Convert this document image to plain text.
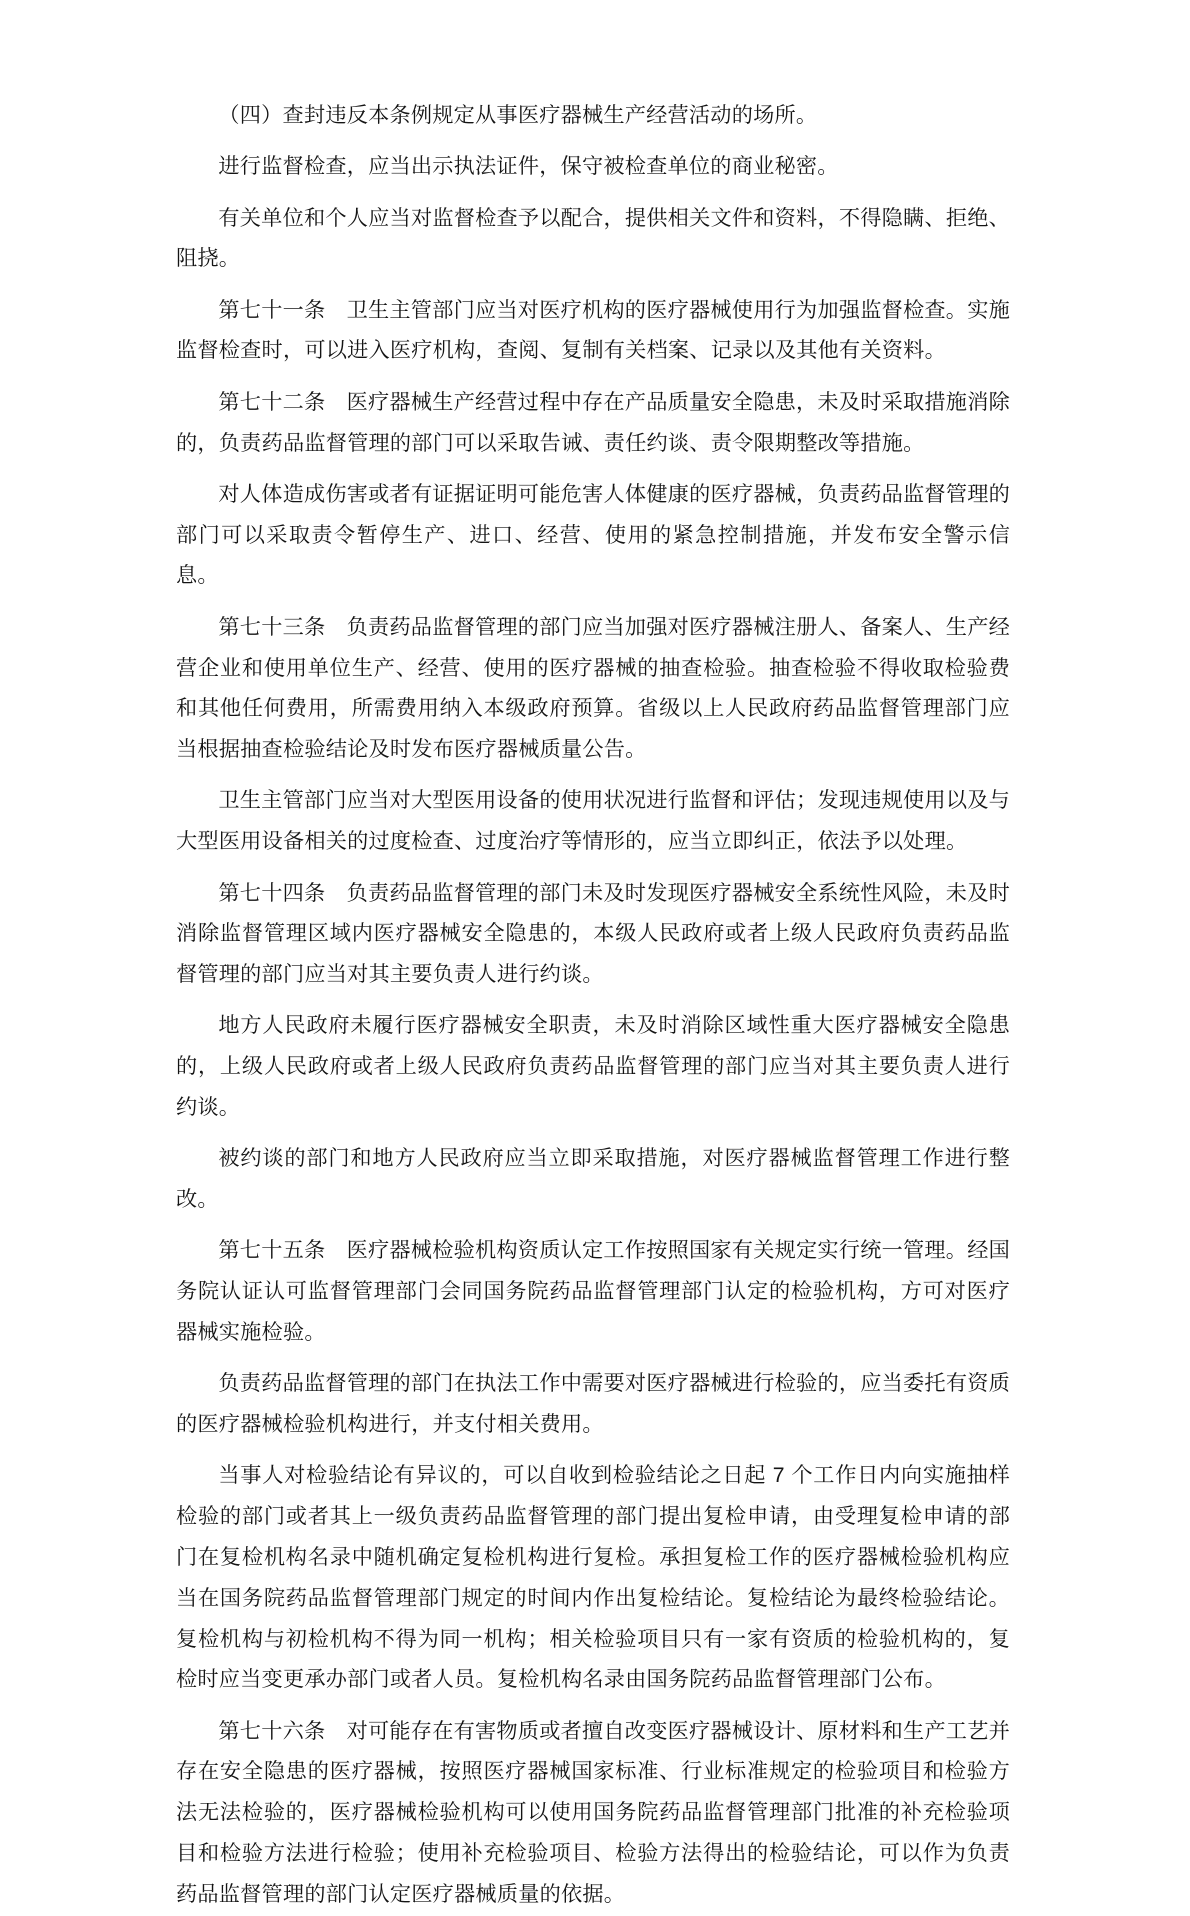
（四）查封违反本条例规定从事医疗器械生产经营活动的场所。

进行监督检查，应当出示执法证件，保守被检查单位的商业秘密。

有关单位和个人应当对监督检查予以配合，提供相关文件和资料，不得隐瞒、拒绝、阻挠。

第七十一条 卫生主管部门应当对医疗机构的医疗器械使用行为加强监督检查。实施监督检查时，可以进入医疗机构，查阅、复制有关档案、记录以及其他有关资料。

第七十二条 医疗器械生产经营过程中存在产品质量安全隐患，未及时采取措施消除的，负责药品监督管理的部门可以采取告诫、责任约谈、责令限期整改等措施。

对人体造成伤害或者有证据证明可能危害人体健康的医疗器械，负责药品监督管理的部门可以采取责令暂停生产、进口、经营、使用的紧急控制措施，并发布安全警示信息。

第七十三条 负责药品监督管理的部门应当加强对医疗器械注册人、备案人、生产经营企业和使用单位生产、经营、使用的医疗器械的抽查检验。抽查检验不得收取检验费和其他任何费用，所需费用纳入本级政府预算。省级以上人民政府药品监督管理部门应当根据抽查检验结论及时发布医疗器械质量公告。

卫生主管部门应当对大型医用设备的使用状况进行监督和评估；发现违规使用以及与大型医用设备相关的过度检查、过度治疗等情形的，应当立即纠正，依法予以处理。

第七十四条 负责药品监督管理的部门未及时发现医疗器械安全系统性风险，未及时消除监督管理区域内医疗器械安全隐患的，本级人民政府或者上级人民政府负责药品监督管理的部门应当对其主要负责人进行约谈。

地方人民政府未履行医疗器械安全职责，未及时消除区域性重大医疗器械安全隐患的，上级人民政府或者上级人民政府负责药品监督管理的部门应当对其主要负责人进行约谈。

被约谈的部门和地方人民政府应当立即采取措施，对医疗器械监督管理工作进行整改。

第七十五条 医疗器械检验机构资质认定工作按照国家有关规定实行统一管理。经国务院认证认可监督管理部门会同国务院药品监督管理部门认定的检验机构，方可对医疗器械实施检验。

负责药品监督管理的部门在执法工作中需要对医疗器械进行检验的，应当委托有资质的医疗器械检验机构进行，并支付相关费用。

当事人对检验结论有异议的，可以自收到检验结论之日起 7 个工作日内向实施抽样检验的部门或者其上一级负责药品监督管理的部门提出复检申请，由受理复检申请的部门在复检机构名录中随机确定复检机构进行复检。承担复检工作的医疗器械检验机构应当在国务院药品监督管理部门规定的时间内作出复检结论。复检结论为最终检验结论。复检机构与初检机构不得为同一机构；相关检验项目只有一家有资质的检验机构的，复检时应当变更承办部门或者人员。复检机构名录由国务院药品监督管理部门公布。

第七十六条 对可能存在有害物质或者擅自改变医疗器械设计、原材料和生产工艺并存在安全隐患的医疗器械，按照医疗器械国家标准、行业标准规定的检验项目和检验方法无法检验的，医疗器械检验机构可以使用国务院药品监督管理部门批准的补充检验项目和检验方法进行检验；使用补充检验项目、检验方法得出的检验结论，可以作为负责药品监督管理的部门认定医疗器械质量的依据。
